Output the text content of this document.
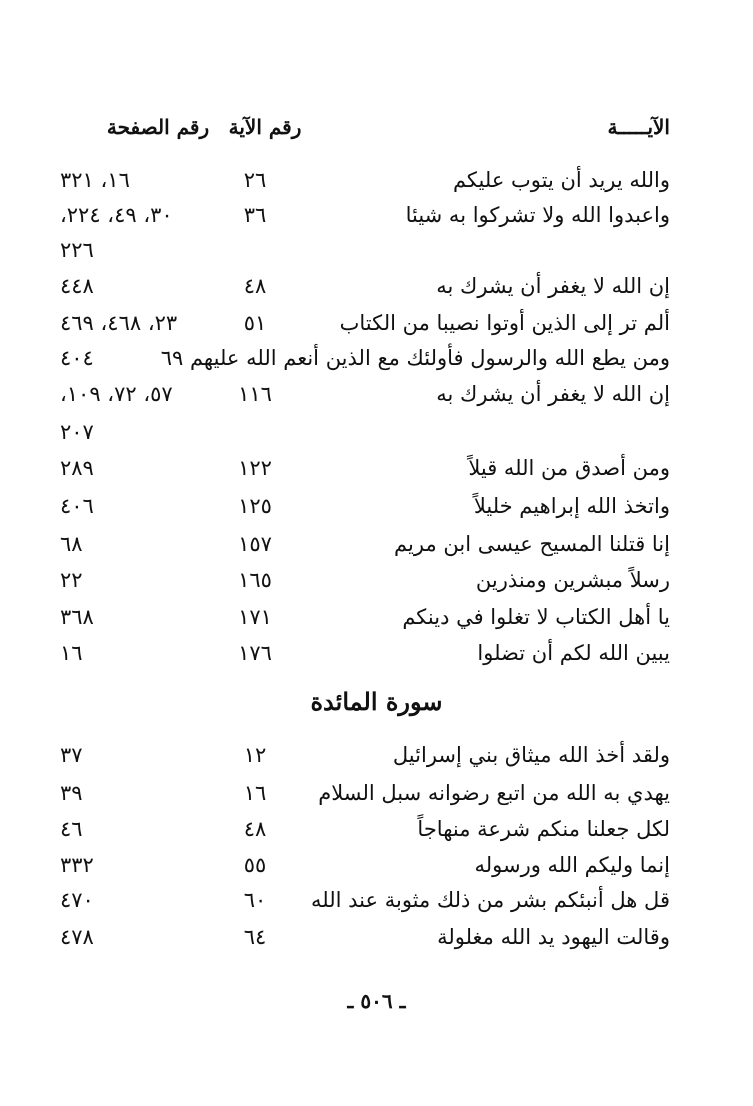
الآيـــــة
رقم الآية
رقم الصفحة
والله يريد أن يتوب عليكم
٢٦
١٦، ٣٢١
واعبدوا الله ولا تشركوا به شيئا
٣٦
٣٠، ٤٩، ٢٢٤،
٢٢٦
إن الله لا يغفر أن يشرك به
٤٨
٤٤٨
ألم تر إلى الذين أوتوا نصيبا من الكتاب
٥١
٢٣، ٤٦٨، ٤٦٩
ومن يطع الله والرسول فأولئك مع الذين أنعم الله عليهم ٦٩
٤٠٤
إن الله لا يغفر أن يشرك به
١١٦
٥٧، ٧٢، ١٠٩،
٢٠٧
ومن أصدق من الله قيلاً
١٢٢
٢٨٩
واتخذ الله إبراهيم خليلاً
١٢٥
٤٠٦
إنا قتلنا المسيح عيسى ابن مريم
١٥٧
٦٨
رسلاً مبشرين ومنذرين
١٦٥
٢٢
يا أهل الكتاب لا تغلوا في دينكم
١٧١
٣٦٨
يبين الله لكم أن تضلوا
١٧٦
١٦
سورة المائدة
ولقد أخذ الله ميثاق بني إسرائيل
١٢
٣٧
يهدي به الله من اتبع رضوانه سبل السلام
١٦
٣٩
لكل جعلنا منكم شرعة منهاجاً
٤٨
٤٦
إنما وليكم الله ورسوله
٥٥
٣٣٢
قل هل أنبئكم بشر من ذلك مثوبة عند الله
٦٠
٤٧٠
وقالت اليهود يد الله مغلولة
٦٤
٤٧٨
ـ ٥٠٦ ـ
